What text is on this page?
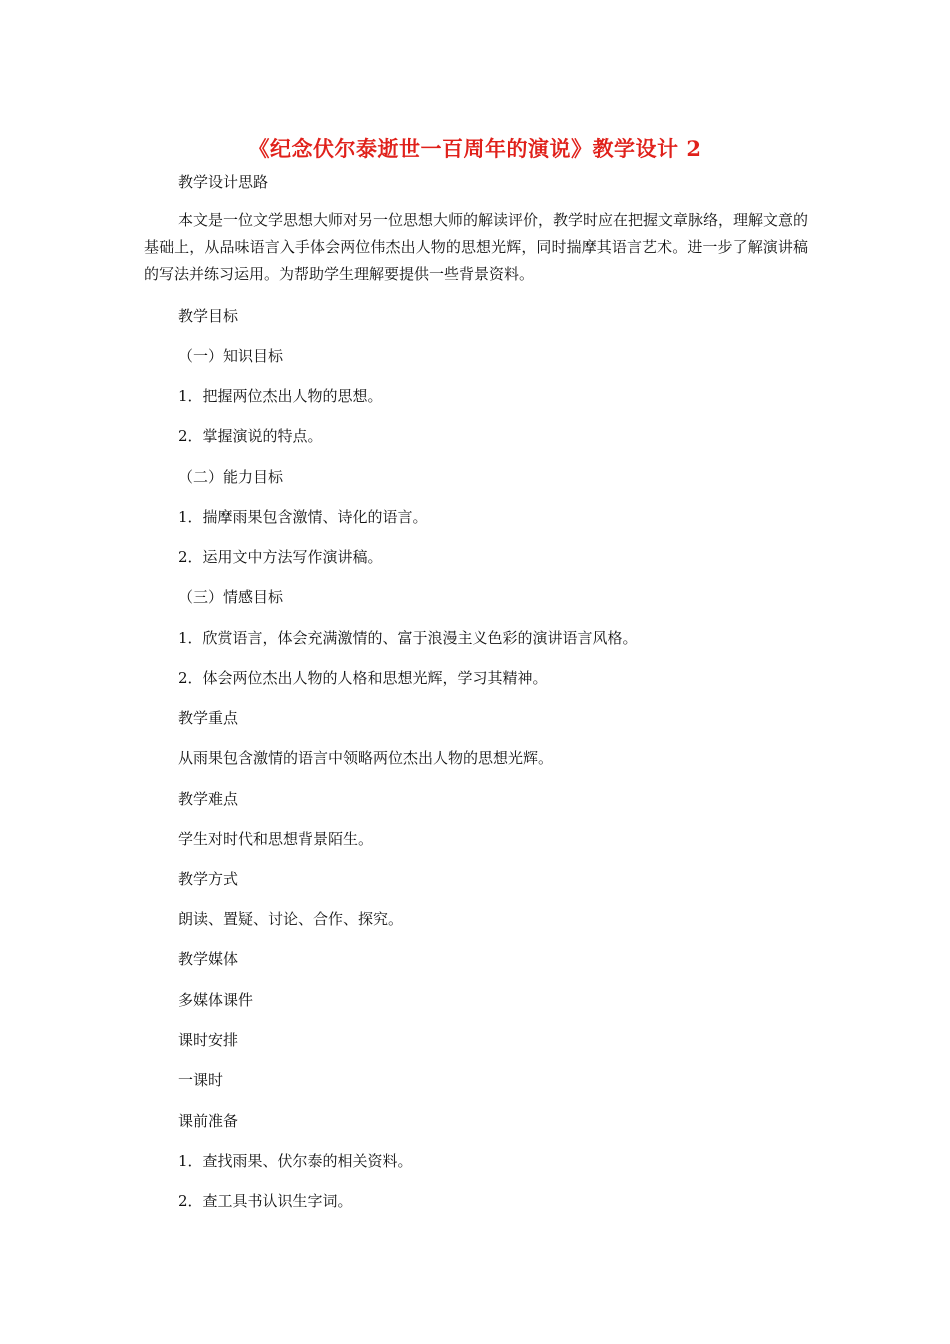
《纪念伏尔泰逝世一百周年的演说》教学设计 2
教学设计思路
本文是一位文学思想大师对另一位思想大师的解读评价，教学时应在把握文章脉络，理解文意的基础上，从品味语言入手体会两位伟杰出人物的思想光辉，同时揣摩其语言艺术。进一步了解演讲稿的写法并练习运用。为帮助学生理解要提供一些背景资料。
教学目标
（一）知识目标
1．把握两位杰出人物的思想。
2．掌握演说的特点。
（二）能力目标
1．揣摩雨果包含激情、诗化的语言。
2．运用文中方法写作演讲稿。
（三）情感目标
1．欣赏语言，体会充满激情的、富于浪漫主义色彩的演讲语言风格。
2．体会两位杰出人物的人格和思想光辉，学习其精神。
教学重点
从雨果包含激情的语言中领略两位杰出人物的思想光辉。
教学难点
学生对时代和思想背景陌生。
教学方式
朗读、置疑、讨论、合作、探究。
教学媒体
多媒体课件
课时安排
一课时
课前准备
1．查找雨果、伏尔泰的相关资料。
2．查工具书认识生字词。
